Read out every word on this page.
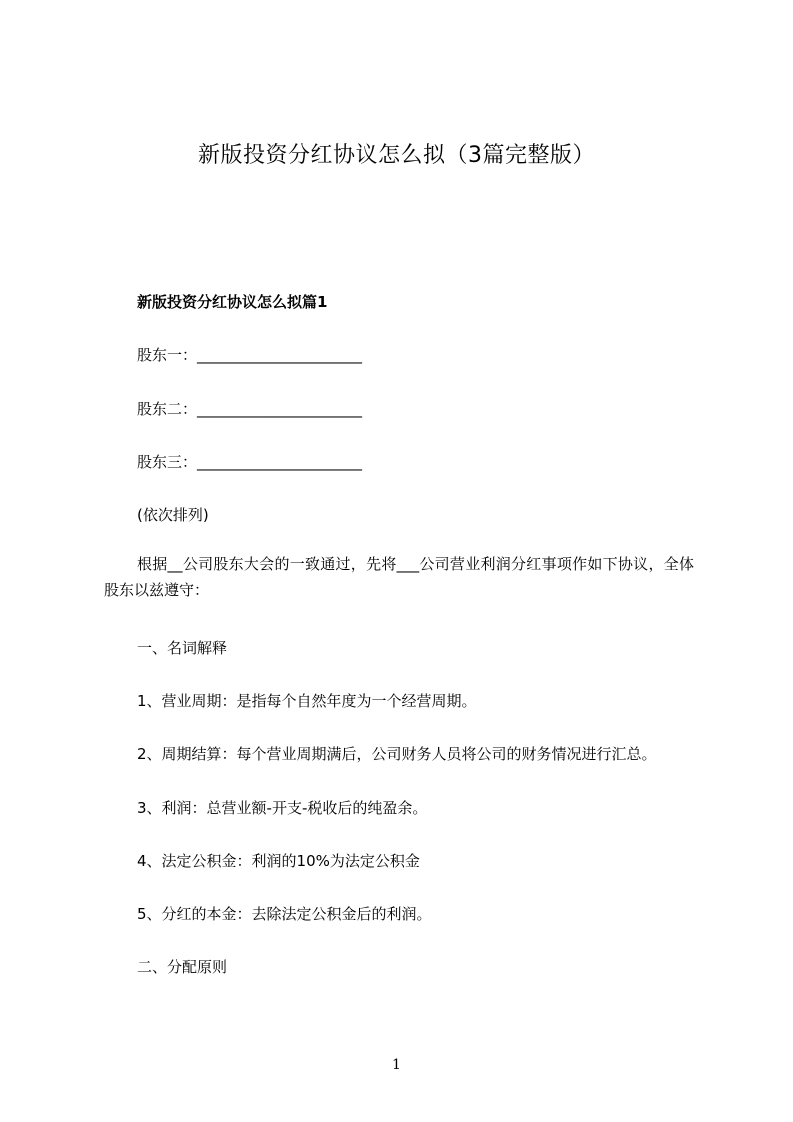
新版投资分红协议怎么拟（3篇完整版）
新版投资分红协议怎么拟篇1
股东一：______________________
股东二：______________________
股东三：______________________
(依次排列)
根据__公司股东大会的一致通过，先将___公司营业利润分红事项作如下协议，全体股东以兹遵守：
一、名词解释
1、营业周期：是指每个自然年度为一个经营周期。
2、周期结算：每个营业周期满后，公司财务人员将公司的财务情况进行汇总。
3、利润：总营业额-开支-税收后的纯盈余。
4、法定公积金：利润的10%为法定公积金
5、分红的本金：去除法定公积金后的利润。
二、分配原则
1
